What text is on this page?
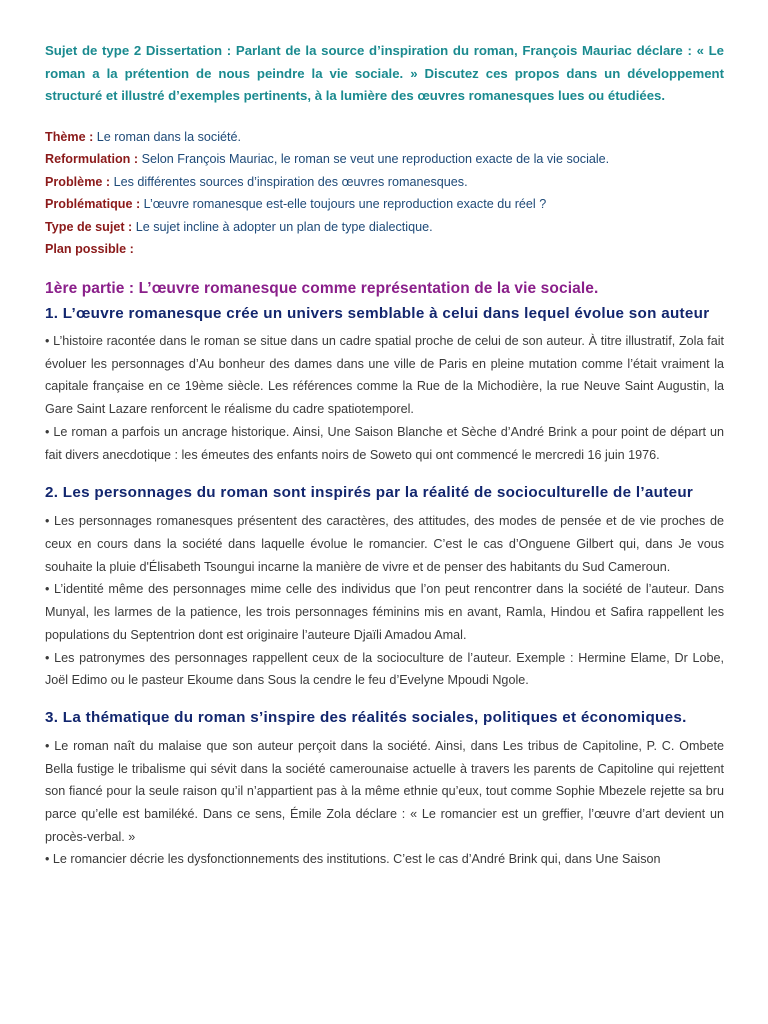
Sujet de type 2 Dissertation : Parlant de la source d’inspiration du roman, François Mauriac déclare : « Le roman a la prétention de nous peindre la vie sociale. » Discutez ces propos dans un développement structuré et illustré d’exemples pertinents, à la lumière des œuvres romanesques lues ou étudiées.

Thème : Le roman dans la société.
Reformulation : Selon François Mauriac, le roman se veut une reproduction exacte de la vie sociale.
Problème : Les différentes sources d’inspiration des œuvres romanesques.
Problématique : L’œuvre romanesque est-elle toujours une reproduction exacte du réel ?
Type de sujet : Le sujet incline à adopter un plan de type dialectique.
Plan possible :
1ère partie : L’œuvre romanesque comme représentation de la vie sociale.
1. L’œuvre romanesque crée un univers semblable à celui dans lequel évolue son auteur

• L’histoire racontée dans le roman se situe dans un cadre spatial proche de celui de son auteur. À titre illustratif, Zola fait évoluer les personnages d’Au bonheur des dames dans une ville de Paris en pleine mutation comme l’était vraiment la capitale française en ce 19ème siècle. Les références comme la Rue de la Michodière, la rue Neuve Saint Augustin, la Gare Saint Lazare renforcent le réalisme du cadre spatiotemporel.

• Le roman a parfois un ancrage historique. Ainsi, Une Saison Blanche et Sèche d’André Brink a pour point de départ un fait divers anecdotique : les émeutes des enfants noirs de Soweto qui ont commencé le mercredi 16 juin 1976.

2. Les personnages du roman sont inspirés par la réalité de socioculturelle de l’auteur

• Les personnages romanesques présentent des caractères, des attitudes, des modes de pensée et de vie proches de ceux en cours dans la société dans laquelle évolue le romancier. C’est le cas d’Onguene Gilbert qui, dans Je vous souhaite la pluie d'Élisabeth Tsoungui incarne la manière de vivre et de penser des habitants du Sud Cameroun.

• L’identité même des personnages mime celle des individus que l’on peut rencontrer dans la société de l’auteur. Dans Munyal, les larmes de la patience, les trois personnages féminins mis en avant, Ramla, Hindou et Safira rappellent les populations du Septentrion dont est originaire l’auteure Djaïli Amadou Amal.

• Les patronymes des personnages rappellent ceux de la socioculture de l’auteur. Exemple : Hermine Elame, Dr Lobe, Joël Edimo ou le pasteur Ekoume dans Sous la cendre le feu d’Evelyne Mpoudi Ngole.

3. La thématique du roman s’inspire des réalités sociales, politiques et économiques.

• Le roman naît du malaise que son auteur perçoit dans la société. Ainsi, dans Les tribus de Capitoline, P. C. Ombete Bella fustige le tribalisme qui sévit dans la société camerounaise actuelle à travers les parents de Capitoline qui rejettent son fiancé pour la seule raison qu’il n’appartient pas à la même ethnie qu’eux, tout comme Sophie Mbezele rejette sa bru parce qu’elle est bamiléké. Dans ce sens, Émile Zola déclare : « Le romancier est un greffier, l’œuvre d’art devient un procès-verbal. »

• Le romancier décrie les dysfonctionnements des institutions. C’est le cas d’André Brink qui, dans Une Saison
